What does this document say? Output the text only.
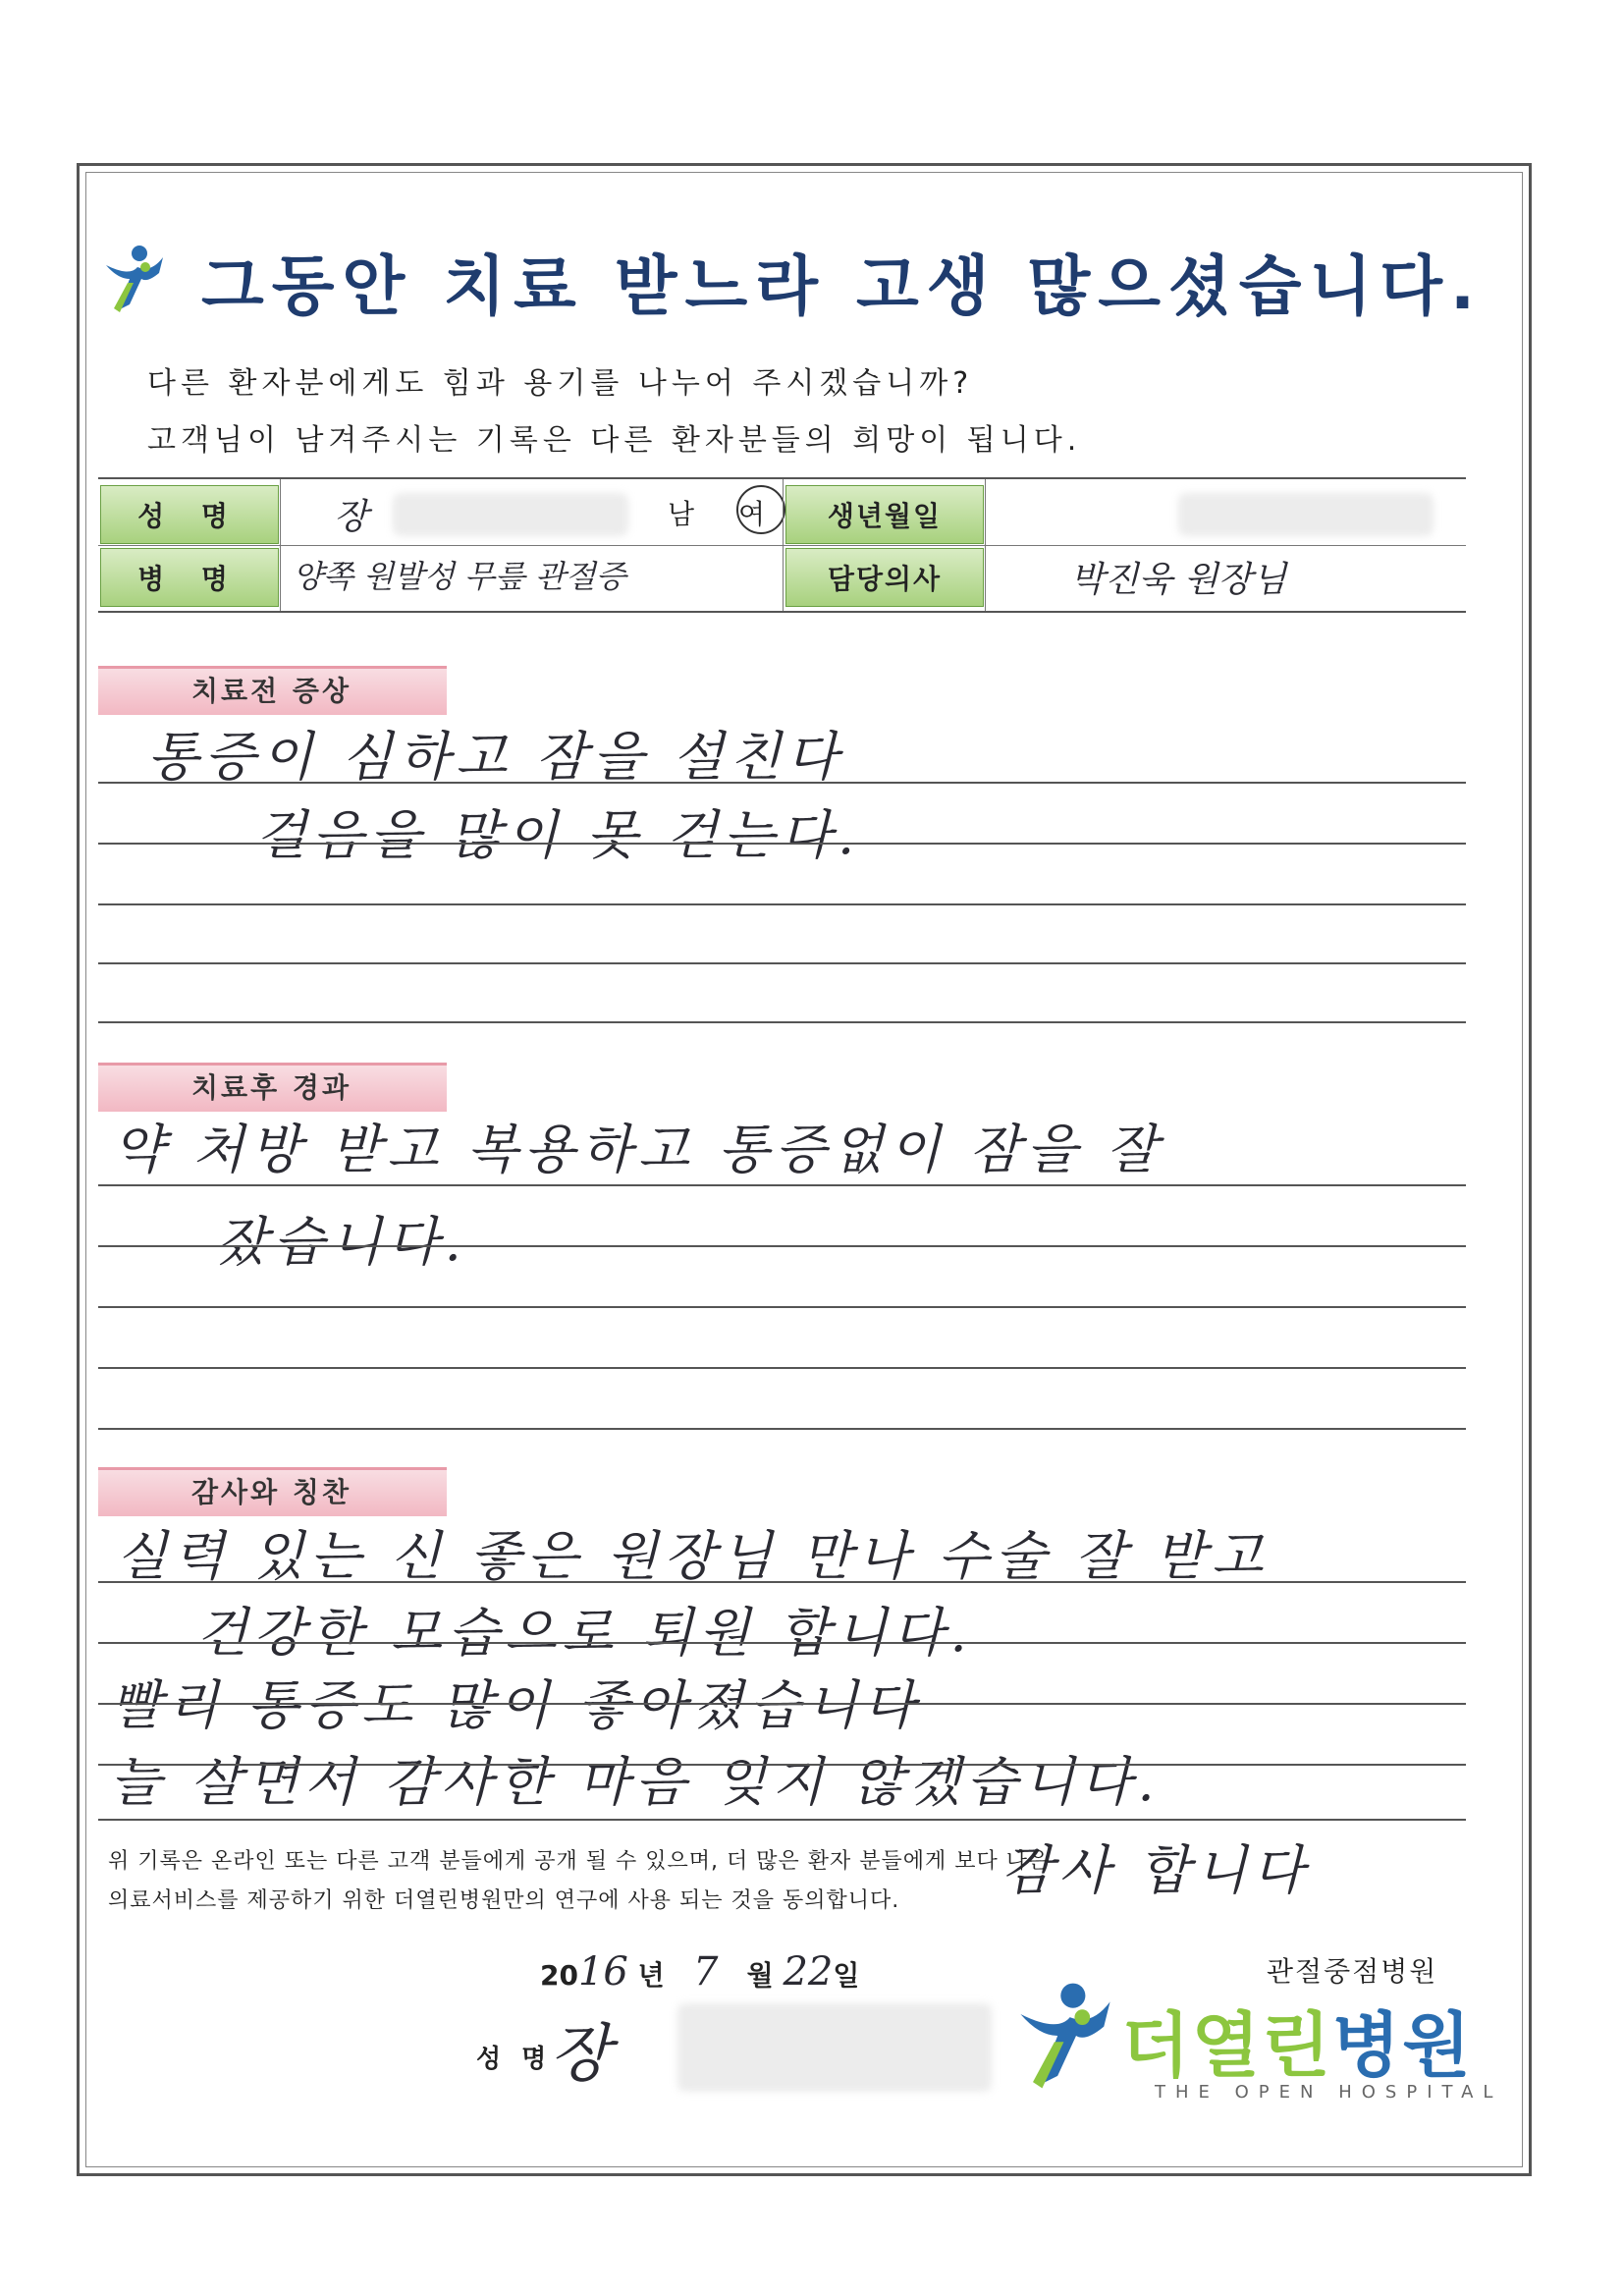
그동안 치료 받느라 고생 많으셨습니다.
다른 환자분에게도 힘과 용기를 나누어 주시겠습니까?
고객님이 남겨주시는 기록은 다른 환자분들의 희망이 됩니다.
성 명	장	남 여	생년월일
병 명	양쪽 원발성 무릎 관절증	담당의사	박진욱 원장님
치료전 증상
통증이 심하고 잠을 설친다
걸음을 많이 못 걷는다.
치료후 경과
약 처방 받고 복용하고 통증없이 잠을 잘
잤습니다.
감사와 칭찬
실력 있는 신 좋은 원장님 만나 수술 잘 받고
건강한 모습으로 퇴원 합니다.
빨리 통증도 많이 좋아졌습니다
늘 살면서 감사한 마음 잊지 않겠습니다.
감사 합니다
위 기록은 온라인 또는 다른 고객 분들에게 공개 될 수 있으며, 더 많은 환자 분들에게 보다 나은
의료서비스를 제공하기 위한 더열린병원만의 연구에 사용 되는 것을 동의합니다.
2016 년 7 월 22일
성 명
장
관절중점병원
더열린병원
THE OPEN HOSPITAL
